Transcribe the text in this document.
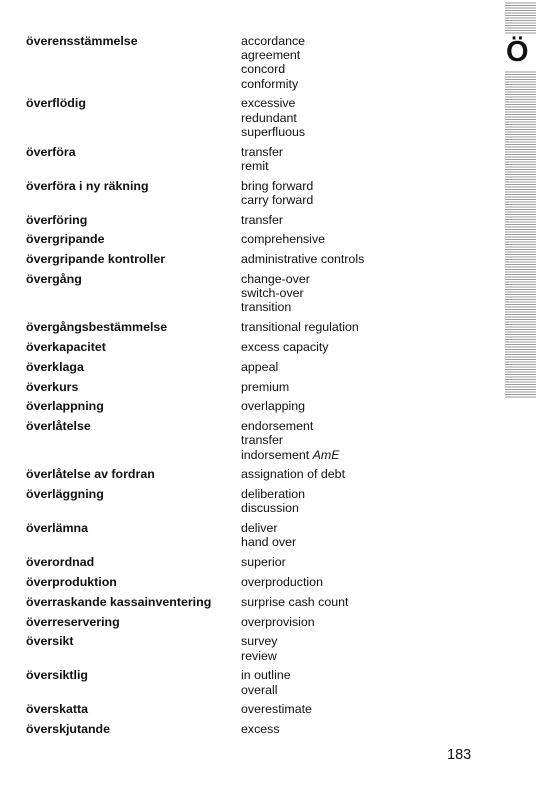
Ö
överensstämmelse	accordance
agreement
concord
conformity
överflödig	excessive
redundant
superfluous
överföra	transfer
remit
överföra i ny räkning	bring forward
carry forward
överföring	transfer
övergripande	comprehensive
övergripande kontroller	administrative controls
övergång	change-over
switch-over
transition
övergångsbestämmelse	transitional regulation
överkapacitet	excess capacity
överklaga	appeal
överkurs	premium
överlappning	overlapping
överlåtelse	endorsement
transfer
indorsement AmE
överlåtelse av fordran	assignation of debt
överläggning	deliberation
discussion
överlämna	deliver
hand over
överordnad	superior
överproduktion	overproduction
överraskande kassainventering	surprise cash count
överreservering	overprovision
översikt	survey
review
översiktlig	in outline
overall
överskatta	overestimate
överskjutande	excess
183
